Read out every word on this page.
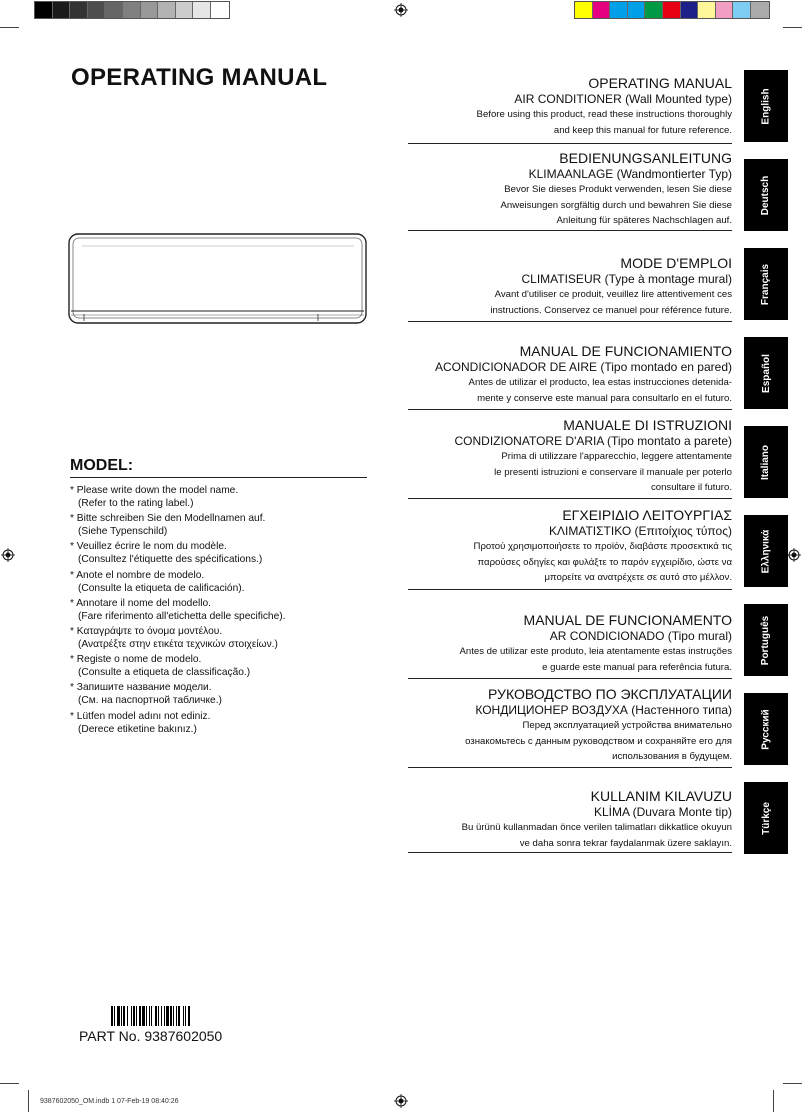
OPERATING MANUAL
MODEL:
* Please write down the model name.
(Refer to the rating label.)
* Bitte schreiben Sie den Modellnamen auf.
(Siehe Typenschild)
* Veuillez écrire le nom du modèle.
(Consultez l'étiquette des spécifications.)
* Anote el nombre de modelo.
(Consulte la etiqueta de calificación).
* Annotare il nome del modello.
(Fare riferimento all'etichetta delle specifiche).
* Καταγράψτε το όνομα μοντέλου.
(Ανατρέξτε στην ετικέτα τεχνικών στοιχείων.)
* Registe o nome de modelo.
(Consulte a etiqueta de classificação.)
* Запишите название модели.
(См. на паспортной табличке.)
* Lütfen model adını not ediniz.
(Derece etiketine bakınız.)
OPERATING MANUAL
AIR CONDITIONER (Wall Mounted type)
Before using this product, read these instructions thoroughly
and keep this manual for future reference.
BEDIENUNGSANLEITUNG
KLIMAANLAGE (Wandmontierter Typ)
Bevor Sie dieses Produkt verwenden, lesen Sie diese
Anweisungen sorgfältig durch und bewahren Sie diese
Anleitung für späteres Nachschlagen auf.
MODE D'EMPLOI
CLIMATISEUR (Type à montage mural)
Avant d'utiliser ce produit, veuillez lire attentivement ces
instructions. Conservez ce manuel pour référence future.
MANUAL DE FUNCIONAMIENTO
ACONDICIONADOR DE AIRE (Tipo montado en pared)
Antes de utilizar el producto, lea estas instrucciones detenida-
mente y conserve este manual para consultarlo en el futuro.
MANUALE DI ISTRUZIONI
CONDIZIONATORE D'ARIA (Tipo montato a parete)
Prima di utilizzare l'apparecchio, leggere attentamente
le presenti istruzioni e conservare il manuale per poterlo
consultare il futuro.
ΕΓΧΕΙΡΙΔΙΟ ΛΕΙΤΟΥΡΓΙΑΣ
ΚΛΙΜΑΤΙΣΤΙΚΟ (Επιτοίχιος τύπος)
Προτού χρησιμοποιήσετε το προϊόν, διαβάστε προσεκτικά τις
παρούσες οδηγίες και φυλάξτε το παρόν εγχειρίδιο, ώστε να
μπορείτε να ανατρέχετε σε αυτό στο μέλλον.
MANUAL DE FUNCIONAMENTO
AR CONDICIONADO (Tipo mural)
Antes de utilizar este produto, leia atentamente estas instruções
e guarde este manual para referência futura.
РУКОВОДСТВО ПО ЭКСПЛУАТАЦИИ
КОНДИЦИОНЕР ВОЗДУХА (Настенного типа)
Перед эксплуатацией устройства внимательно
ознакомьтесь с данным руководством и сохраняйте его для
использования в будущем.
KULLANIM KILAVUZU
KLİMA (Duvara Monte tip)
Bu ürünü kullanmadan önce verilen talimatları dikkatlice okuyun
ve daha sonra tekrar faydalanmak üzere saklayın.
English
Deutsch
Français
Español
Italiano
Ελληνικά
Português
Русский
Türkçe
PART No. 9387602050
9387602050_OM.indb 1 07-Feb-19 08:40:26
